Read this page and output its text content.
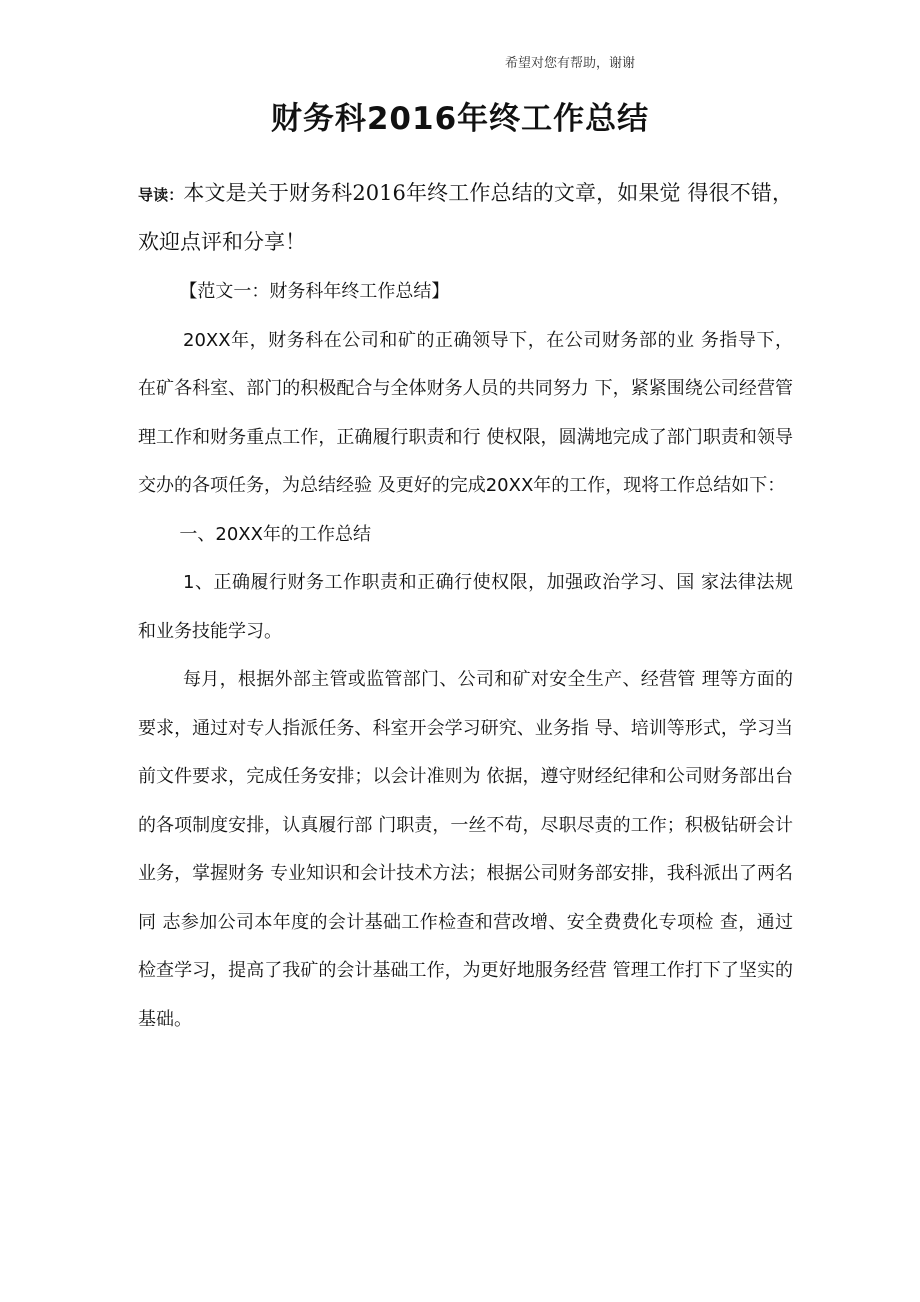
希望对您有帮助，谢谢
财务科2016年终工作总结

导读：本文是关于财务科2016年终工作总结的文章，如果觉 得很不错，欢迎点评和分享！

【范文一：财务科年终工作总结】

20XX年，财务科在公司和矿的正确领导下，在公司财务部的业 务指导下，在矿各科室、部门的积极配合与全体财务人员的共同努力 下，紧紧围绕公司经营管理工作和财务重点工作，正确履行职责和行 使权限，圆满地完成了部门职责和领导交办的各项任务，为总结经验 及更好的完成20XX年的工作，现将工作总结如下：

一、20XX年的工作总结

1、正确履行财务工作职责和正确行使权限，加强政治学习、国 家法律法规和业务技能学习。

每月，根据外部主管或监管部门、公司和矿对安全生产、经营管 理等方面的要求，通过对专人指派任务、科室开会学习研究、业务指 导、培训等形式，学习当前文件要求，完成任务安排；以会计准则为 依据，遵守财经纪律和公司财务部出台的各项制度安排，认真履行部 门职责，一丝不苟，尽职尽责的工作；积极钻研会计业务，掌握财务 专业知识和会计技术方法；根据公司财务部安排，我科派出了两名同 志参加公司本年度的会计基础工作检查和营改增、安全费费化专项检 查，通过检查学习，提高了我矿的会计基础工作，为更好地服务经营 管理工作打下了坚实的基础。
